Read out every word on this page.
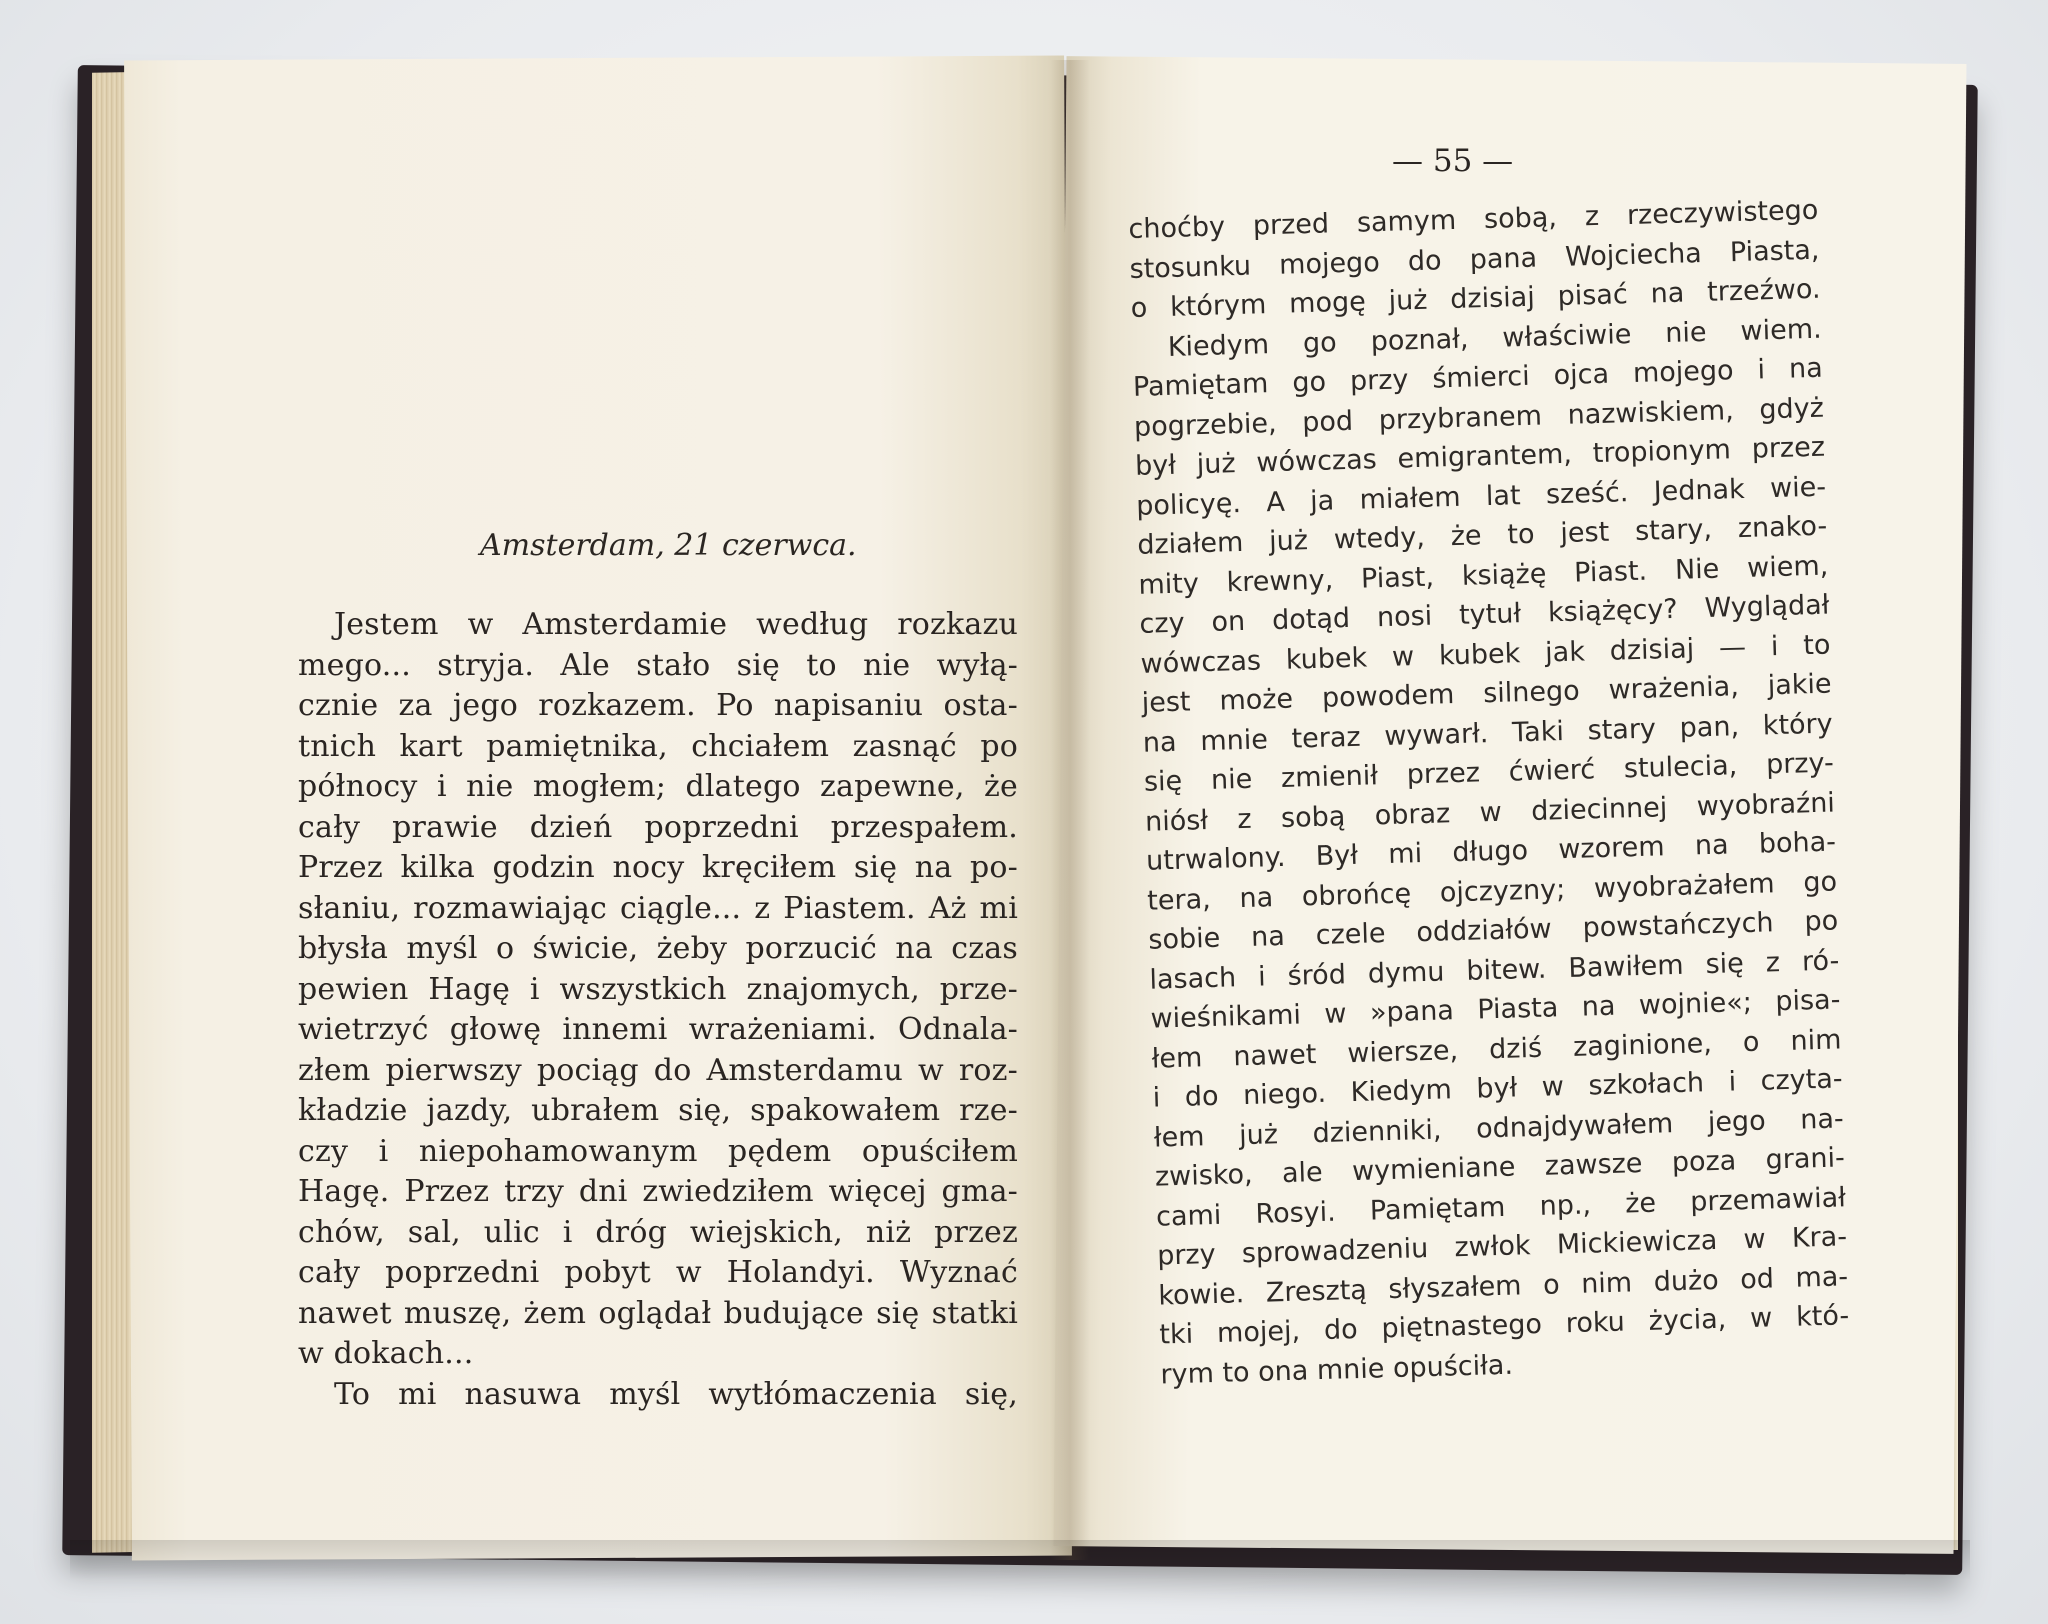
Amsterdam, 21 czerwca.
Jestem w Amsterdamie według rozkazu
mego... stryja. Ale stało się to nie wyłą-
cznie za jego rozkazem. Po napisaniu osta-
tnich kart pamiętnika, chciałem zasnąć po
północy i nie mogłem; dlatego zapewne, że
cały prawie dzień poprzedni przespałem.
Przez kilka godzin nocy kręciłem się na po-
słaniu, rozmawiając ciągle... z Piastem. Aż mi
błysła myśl o świcie, żeby porzucić na czas
pewien Hagę i wszystkich znajomych, prze-
wietrzyć głowę innemi wrażeniami. Odnala-
złem pierwszy pociąg do Amsterdamu w roz-
kładzie jazdy, ubrałem się, spakowałem rze-
czy i niepohamowanym pędem opuściłem
Hagę. Przez trzy dni zwiedziłem więcej gma-
chów, sal, ulic i dróg wiejskich, niż przez
cały poprzedni pobyt w Holandyi. Wyznać
nawet muszę, żem oglądał budujące się statki
w dokach...
To mi nasuwa myśl wytłómaczenia się,
— 55 —
choćby przed samym sobą, z rzeczywistego
stosunku mojego do pana Wojciecha Piasta,
o którym mogę już dzisiaj pisać na trzeźwo.
Kiedym go poznał, właściwie nie wiem.
Pamiętam go przy śmierci ojca mojego i na
pogrzebie, pod przybranem nazwiskiem, gdyż
był już wówczas emigrantem, tropionym przez
policyę. A ja miałem lat sześć. Jednak wie-
działem już wtedy, że to jest stary, znako-
mity krewny, Piast, książę Piast. Nie wiem,
czy on dotąd nosi tytuł książęcy? Wyglądał
wówczas kubek w kubek jak dzisiaj — i to
jest może powodem silnego wrażenia, jakie
na mnie teraz wywarł. Taki stary pan, który
się nie zmienił przez ćwierć stulecia, przy-
niósł z sobą obraz w dziecinnej wyobraźni
utrwalony. Był mi długo wzorem na boha-
tera, na obrońcę ojczyzny; wyobrażałem go
sobie na czele oddziałów powstańczych po
lasach i śród dymu bitew. Bawiłem się z ró-
wieśnikami w »pana Piasta na wojnie«; pisa-
łem nawet wiersze, dziś zaginione, o nim
i do niego. Kiedym był w szkołach i czyta-
łem już dzienniki, odnajdywałem jego na-
zwisko, ale wymieniane zawsze poza grani-
cami Rosyi. Pamiętam np., że przemawiał
przy sprowadzeniu zwłok Mickiewicza w Kra-
kowie. Zresztą słyszałem o nim dużo od ma-
tki mojej, do piętnastego roku życia, w któ-
rym to ona mnie opuściła.
